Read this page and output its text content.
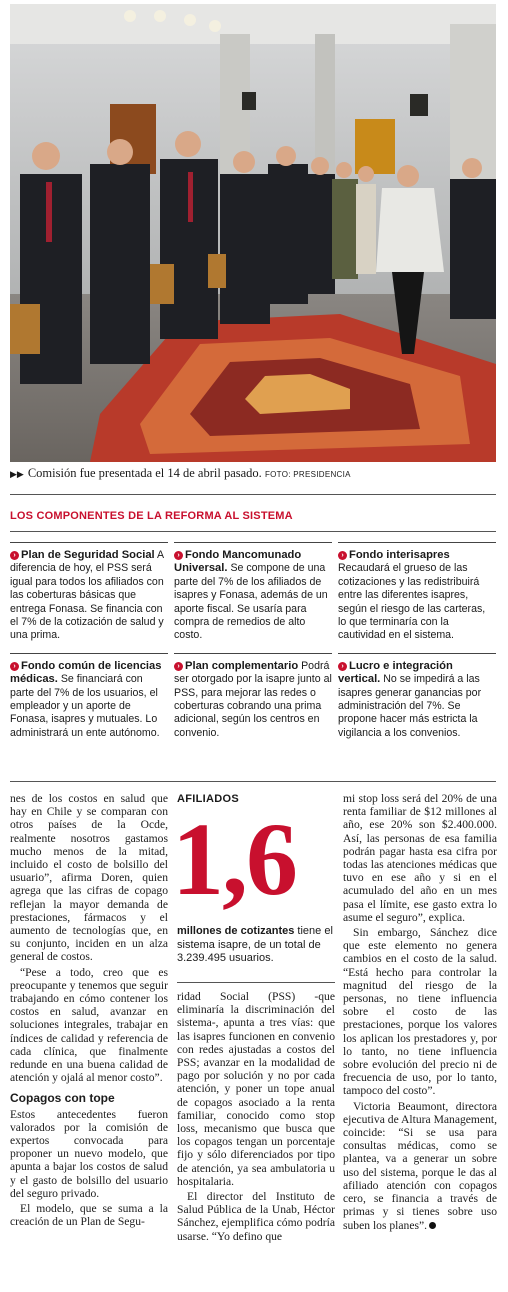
▶▶ Comisión fue presentada el 14 de abril pasado. FOTO: PRESIDENCIA
LOS COMPONENTES DE LA REFORMA AL SISTEMA
› Plan de Seguridad Social A diferencia de hoy, el PSS será igual para todos los afiliados con las coberturas básicas que entrega Fonasa. Se financia con el 7% de la cotización de salud y una prima.
› Fondo Mancomunado Universal. Se compone de una parte del 7% de los afiliados de isapres y Fonasa, además de un aporte fiscal. Se usaría para compra de remedios de alto costo.
› Fondo interisapres Recaudará el grueso de las cotizaciones y las redistribuirá entre las diferentes isapres, según el riesgo de las carteras, lo que terminaría con la cautividad en el sistema.
› Fondo común de licencias médicas. Se financiará con parte del 7% de los usuarios, el empleador y un aporte de Fonasa, isapres y mutuales. Lo administrará un ente autónomo.
› Plan complementario Podrá ser otorgado por la isapre junto al PSS, para mejorar las redes o coberturas cobrando una prima adicional, según los centros en convenio.
› Lucro e integración vertical. No se impedirá a las isapres generar ganancias por administración del 7%. Se propone hacer más estricta la vigilancia a los convenios.

nes de los costos en salud que hay en Chile y se comparan con otros países de la Ocde, realmente nosotros gastamos mucho menos de la mitad, incluido el costo de bolsillo del usuario”, afirma Doren, quien agrega que las cifras de copago reflejan la mayor demanda de prestaciones, fármacos y el aumento de tecnologías que, en su conjunto, inciden en un alza general de costos.

“Pese a todo, creo que es preocupante y tenemos que seguir trabajando en cómo contener los costos en salud, avanzar en soluciones integrales, trabajar en índices de calidad y referencia de cada clínica, que finalmente redunde en una buena calidad de atención y ojalá al menor costo”.

Copagos con tope

Estos antecedentes fueron valorados por la comisión de expertos convocada para proponer un nuevo modelo, que apunta a bajar los costos de salud y el gasto de bolsillo del usuario del seguro privado.

El modelo, que se suma a la creación de un Plan de Segu-

AFILIADOS
1,6
millones de cotizantes tiene el sistema isapre, de un total de 3.239.495 usuarios.

ridad Social (PSS) -que eliminaría la discriminación del sistema-, apunta a tres vías: que las isapres funcionen en convenio con redes ajustadas a costos del PSS; avanzar en la modalidad de pago por solución y no por cada atención, y poner un tope anual de copagos asociado a la renta familiar, conocido como stop loss, mecanismo que busca que los copagos tengan un porcentaje fijo y sólo diferenciados por tipo de atención, ya sea ambulatoria u hospitalaria.

El director del Instituto de Salud Pública de la Unab, Héctor Sánchez, ejemplifica cómo podría usarse. “Yo defino que

mi stop loss será del 20% de una renta familiar de $12 millones al año, ese 20% son $2.400.000. Así, las personas de esa familia podrán pagar hasta esa cifra por todas las atenciones médicas que tuvo en ese año y si en el acumulado del año en un mes pasa el límite, ese gasto extra lo asume el seguro”, explica.

Sin embargo, Sánchez dice que este elemento no genera cambios en el costo de la salud. “Está hecho para controlar la magnitud del riesgo de la personas, no tiene influencia sobre el costo de las prestaciones, porque los valores los aplican los prestadores y, por lo tanto, no tiene influencia sobre evolución del precio ni de frecuencia de uso, por lo tanto, tampoco del costo”.

Victoria Beaumont, directora ejecutiva de Altura Management, coincide: “Si se usa para consultas médicas, como se plantea, va a generar un sobre uso del sistema, porque le das al afiliado atención con copagos cero, se financia a través de primas y si tienes sobre uso suben los planes”.
